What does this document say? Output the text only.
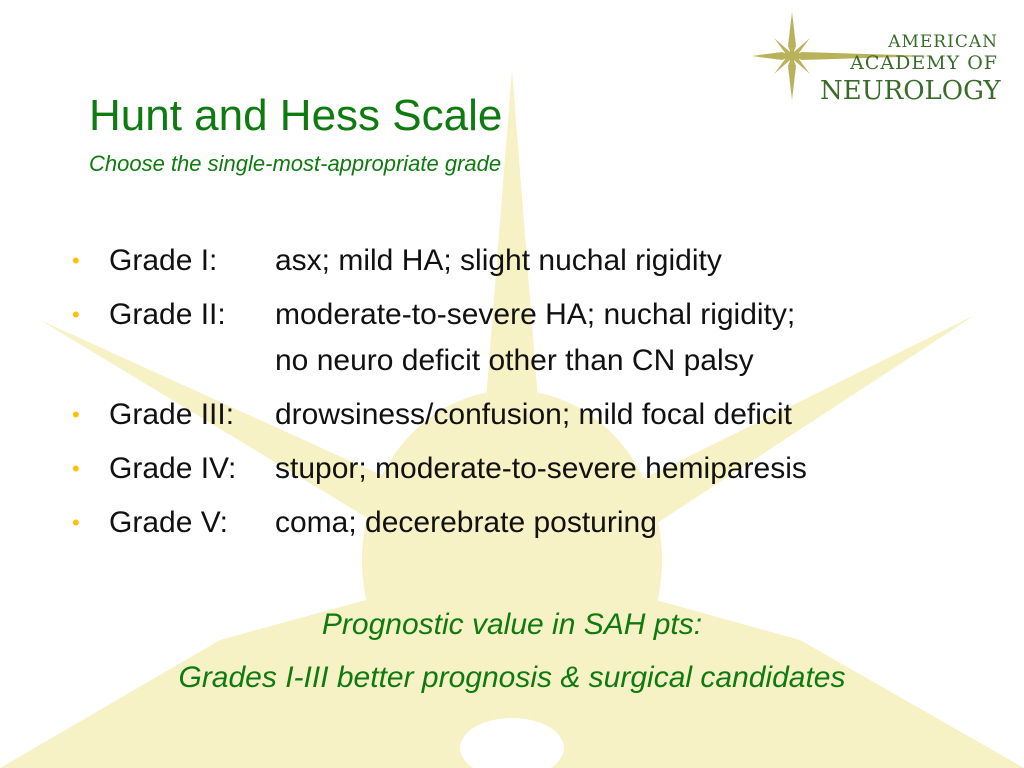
AMERICAN
ACADEMY OF
NEUROLOGY
Hunt and Hess Scale

Choose the single-most-appropriate grade

• Grade I:	asx; mild HA; slight nuchal rigidity
• Grade II:	moderate-to-severe HA; nuchal rigidity;
no neuro deficit other than CN palsy
• Grade III:	drowsiness/confusion; mild focal deficit
• Grade IV:	stupor; moderate-to-severe hemiparesis
• Grade V:	coma; decerebrate posturing

Prognostic value in SAH pts:

Grades I-III better prognosis & surgical candidates
